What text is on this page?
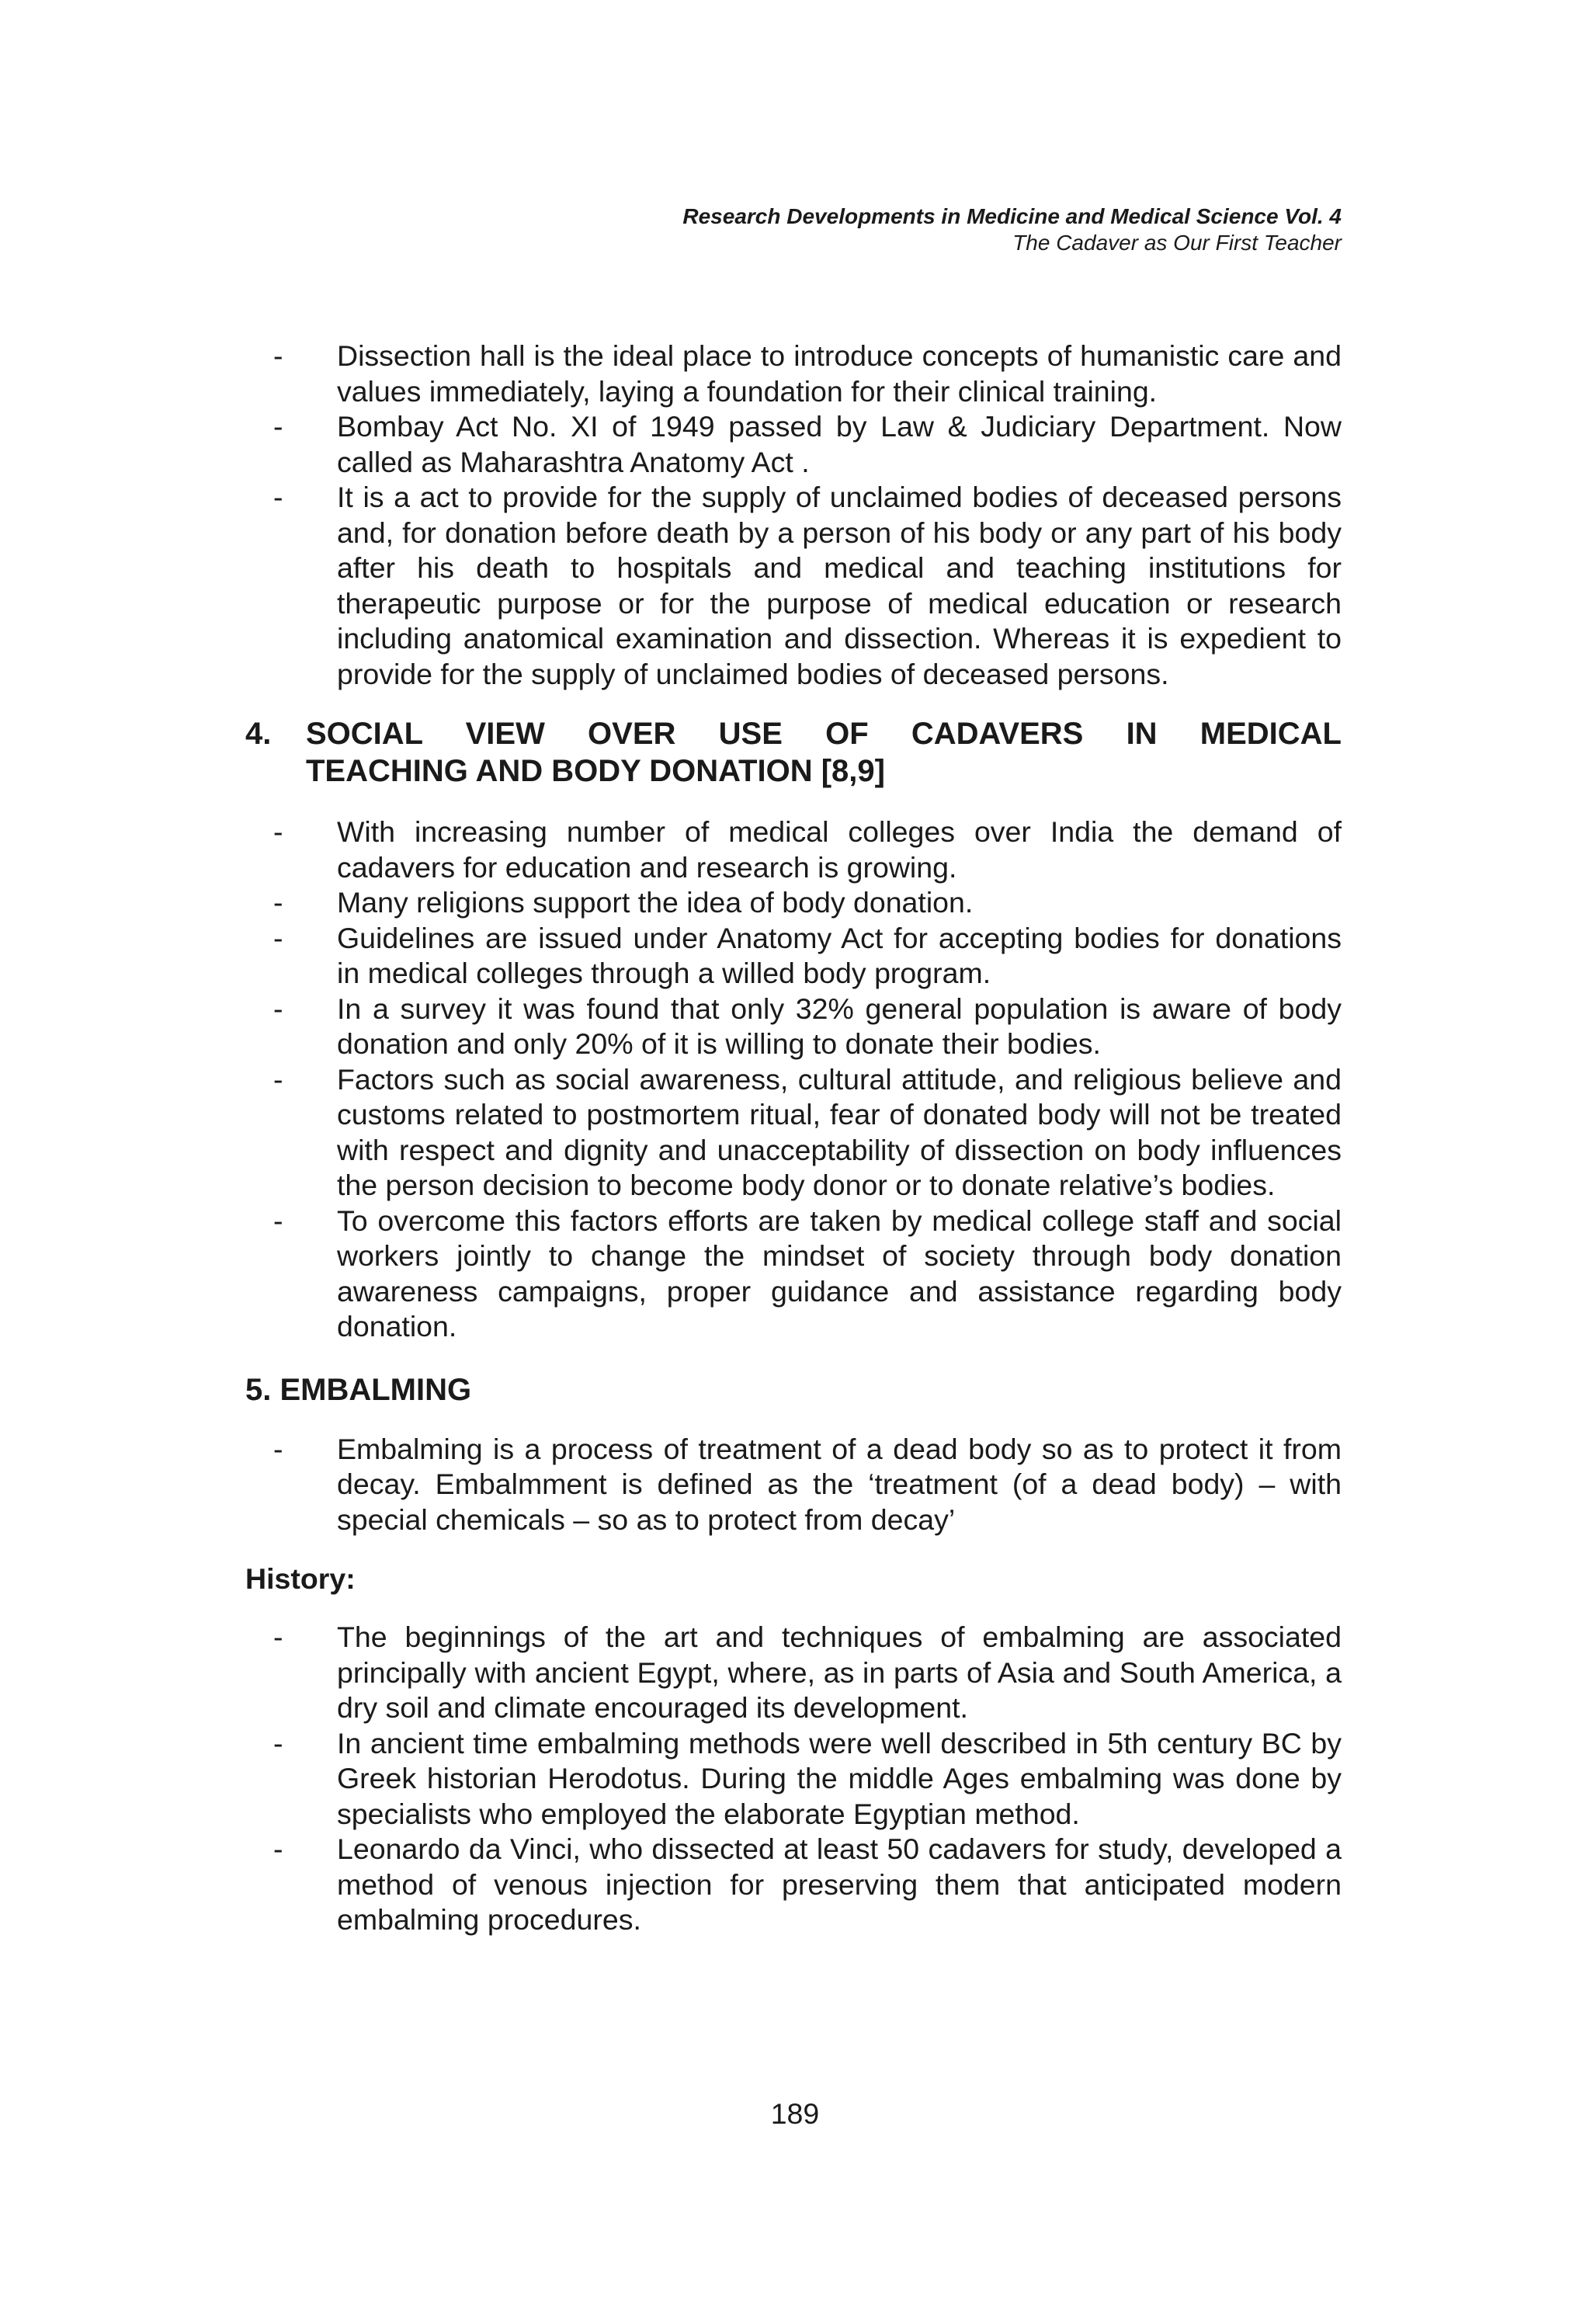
Research Developments in Medicine and Medical Science Vol. 4
The Cadaver as Our First Teacher
- Dissection hall is the ideal place to introduce concepts of humanistic care and values immediately, laying a foundation for their clinical training.
- Bombay Act No. XI of 1949 passed by Law & Judiciary Department. Now called as Maharashtra Anatomy Act .
- It is a act to provide for the supply of unclaimed bodies of deceased persons and, for donation before death by a person of his body or any part of his body after his death to hospitals and medical and teaching institutions for therapeutic purpose or for the purpose of medical education or research including anatomical examination and dissection. Whereas it is expedient to provide for the supply of unclaimed bodies of deceased persons.
4. SOCIAL VIEW OVER USE OF CADAVERS IN MEDICAL
TEACHING AND BODY DONATION [8,9]
- With increasing number of medical colleges over India the demand of cadavers for education and research is growing.
- Many religions support the idea of body donation.
- Guidelines are issued under Anatomy Act for accepting bodies for donations in medical colleges through a willed body program.
- In a survey it was found that only 32% general population is aware of body donation and only 20% of it is willing to donate their bodies.
- Factors such as social awareness, cultural attitude, and religious believe and customs related to postmortem ritual, fear of donated body will not be treated with respect and dignity and unacceptability of dissection on body influences the person decision to become body donor or to donate relative’s bodies.
- To overcome this factors efforts are taken by medical college staff and social workers jointly to change the mindset of society through body donation awareness campaigns, proper guidance and assistance regarding body donation.
5. EMBALMING
- Embalming is a process of treatment of a dead body so as to protect it from decay. Embalmment is defined as the ‘treatment (of a dead body) – with special chemicals – so as to protect from decay’
History:
- The beginnings of the art and techniques of embalming are associated principally with ancient Egypt, where, as in parts of Asia and South America, a dry soil and climate encouraged its development.
- In ancient time embalming methods were well described in 5th century BC by Greek historian Herodotus. During the middle Ages embalming was done by specialists who employed the elaborate Egyptian method.
- Leonardo da Vinci, who dissected at least 50 cadavers for study, developed a method of venous injection for preserving them that anticipated modern embalming procedures.
189
